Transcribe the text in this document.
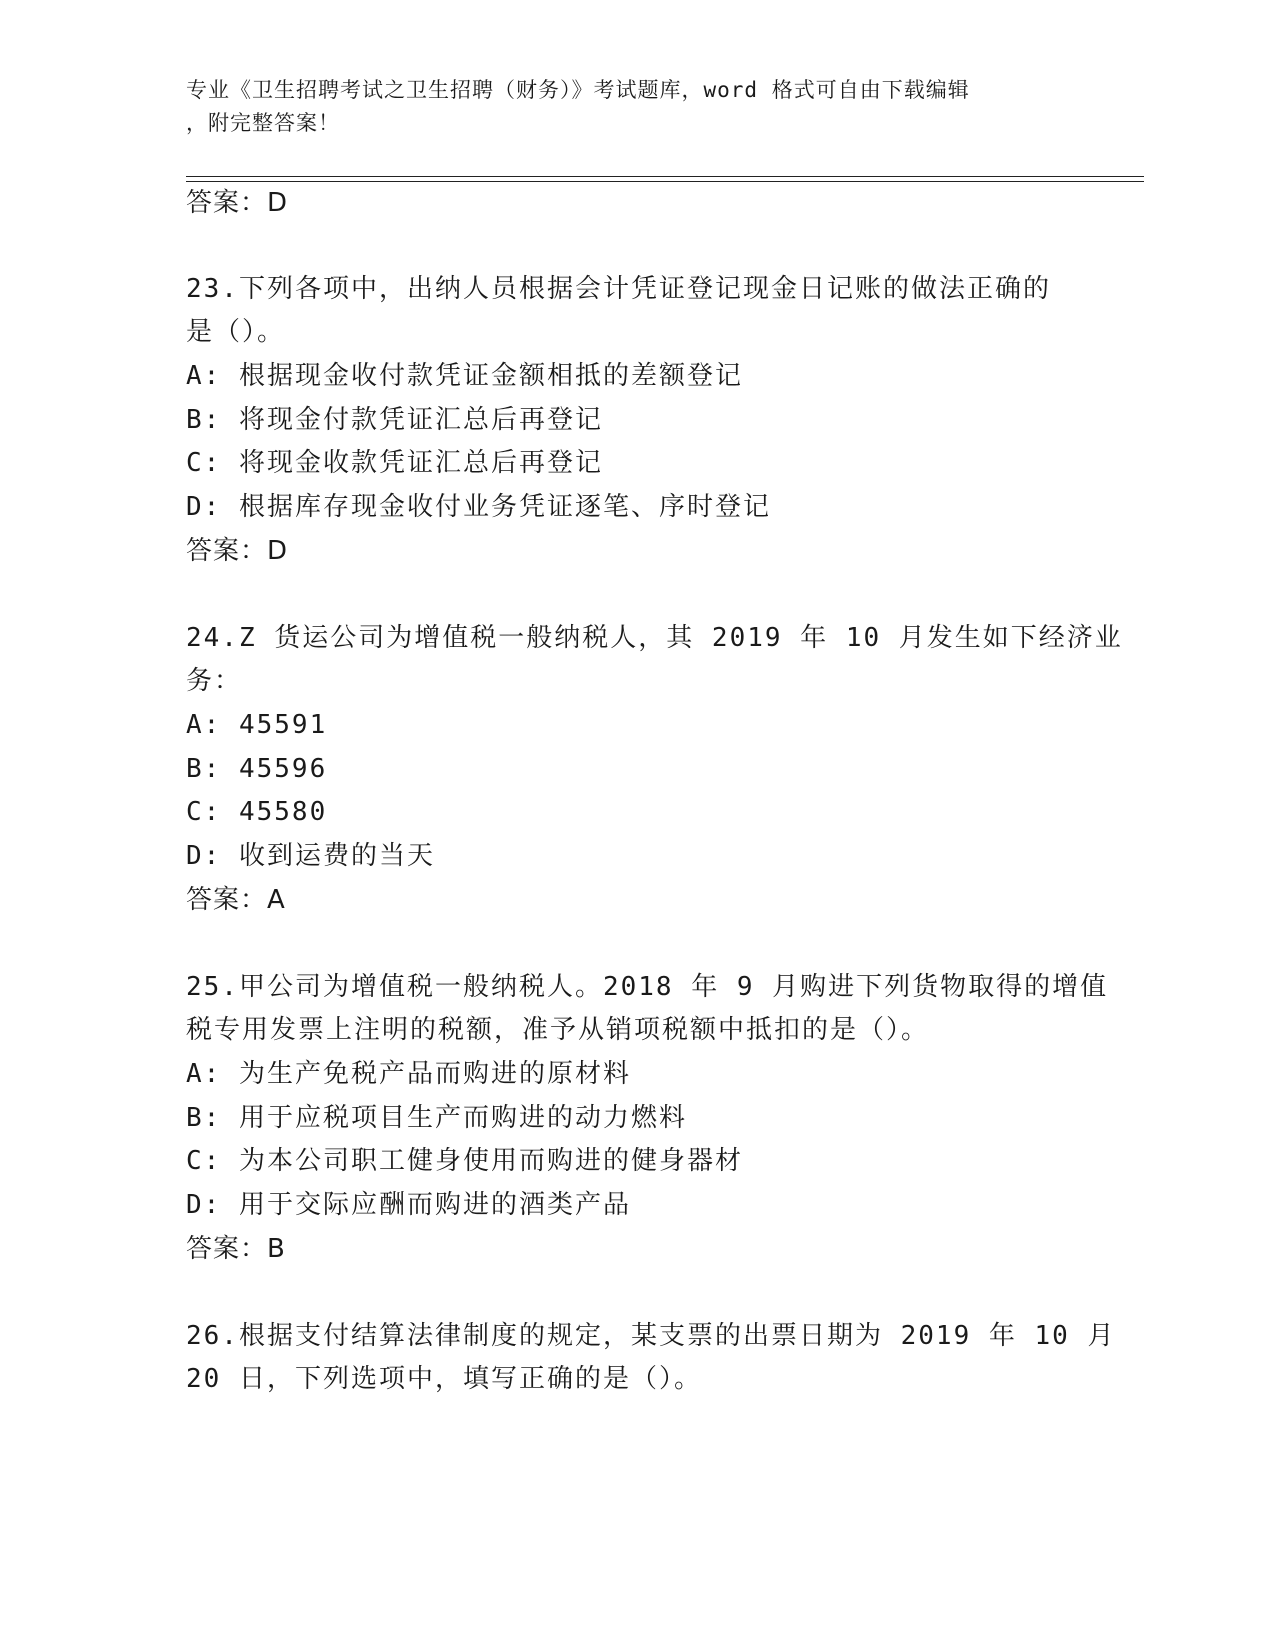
专业《卫生招聘考试之卫生招聘（财务）》考试题库，word 格式可自由下载编辑
，附完整答案！
答案：D
23.下列各项中，出纳人员根据会计凭证登记现金日记账的做法正确的
是（）。
A: 根据现金收付款凭证金额相抵的差额登记
B: 将现金付款凭证汇总后再登记
C: 将现金收款凭证汇总后再登记
D: 根据库存现金收付业务凭证逐笔、序时登记
答案：D
24.Z 货运公司为增值税一般纳税人，其 2019 年 10 月发生如下经济业
务：
A: 45591
B: 45596
C: 45580
D: 收到运费的当天
答案：A
25.甲公司为增值税一般纳税人。2018 年 9 月购进下列货物取得的增值
税专用发票上注明的税额，准予从销项税额中抵扣的是（）。
A: 为生产免税产品而购进的原材料
B: 用于应税项目生产而购进的动力燃料
C: 为本公司职工健身使用而购进的健身器材
D: 用于交际应酬而购进的酒类产品
答案：B
26.根据支付结算法律制度的规定，某支票的出票日期为 2019 年 10 月
20 日，下列选项中，填写正确的是（）。
